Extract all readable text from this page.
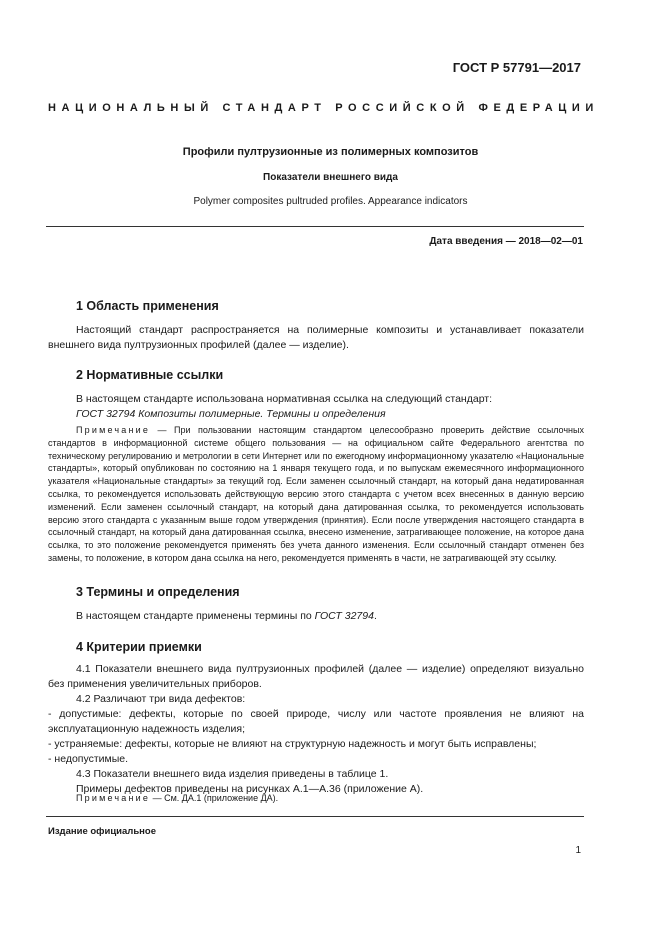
ГОСТ Р 57791—2017
НАЦИОНАЛЬНЫЙ СТАНДАРТ РОССИЙСКОЙ ФЕДЕРАЦИИ
Профили пултрузионные из полимерных композитов
Показатели внешнего вида
Polymer composites pultruded profiles. Appearance indicators
Дата введения — 2018—02—01
1 Область применения
Настоящий стандарт распространяется на полимерные композиты и устанавливает показатели внешнего вида пултрузионных профилей (далее — изделие).
2 Нормативные ссылки
В настоящем стандарте использована нормативная ссылка на следующий стандарт:
ГОСТ 32794 Композиты полимерные. Термины и определения
Примечание — При пользовании настоящим стандартом целесообразно проверить действие ссылочных стандартов в информационной системе общего пользования — на официальном сайте Федерального агентства по техническому регулированию и метрологии в сети Интернет или по ежегодному информационному указателю «Национальные стандарты», который опубликован по состоянию на 1 января текущего года, и по выпускам ежемесячного информационного указателя «Национальные стандарты» за текущий год. Если заменен ссылочный стандарт, на который дана недатированная ссылка, то рекомендуется использовать действующую версию этого стандарта с учетом всех внесенных в данную версию изменений. Если заменен ссылочный стандарт, на который дана датированная ссылка, то рекомендуется использовать версию этого стандарта с указанным выше годом утверждения (принятия). Если после утверждения настоящего стандарта в ссылочный стандарт, на который дана датированная ссылка, внесено изменение, затрагивающее положение, на которое дана ссылка, то это положение рекомендуется применять без учета данного изменения. Если ссылочный стандарт отменен без замены, то положение, в котором дана ссылка на него, рекомендуется применять в части, не затрагивающей эту ссылку.
3 Термины и определения
В настоящем стандарте применены термины по ГОСТ 32794.
4 Критерии приемки
4.1 Показатели внешнего вида пултрузионных профилей (далее — изделие) определяют визуально без применения увеличительных приборов.
4.2 Различают три вида дефектов:
- допустимые: дефекты, которые по своей природе, числу или частоте проявления не влияют на эксплуатационную надежность изделия;
- устраняемые: дефекты, которые не влияют на структурную надежность и могут быть исправлены;
- недопустимые.
4.3 Показатели внешнего вида изделия приведены в таблице 1.
Примеры дефектов приведены на рисунках А.1—А.36 (приложение А).
Примечание — См. ДА.1 (приложение ДА).
Издание официальное
1
